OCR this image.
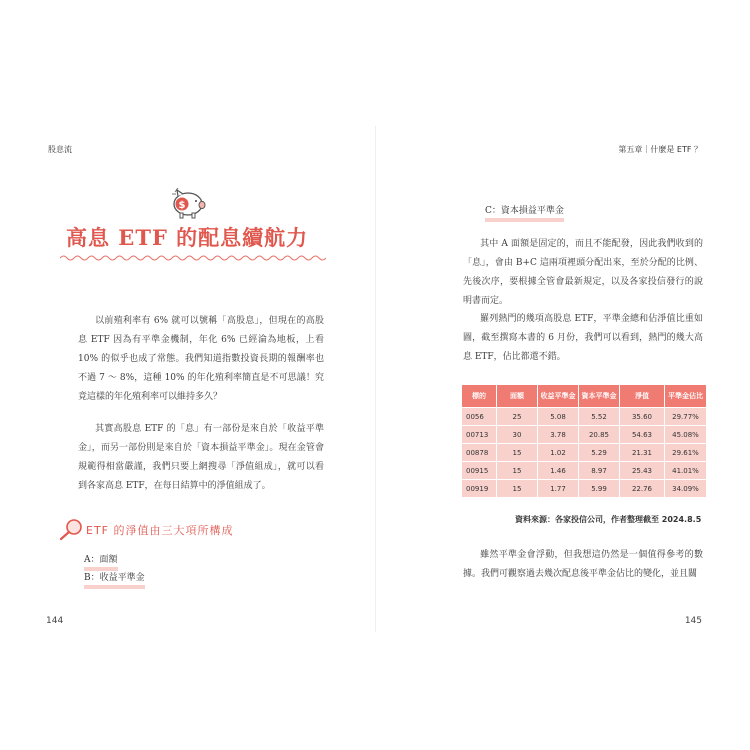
股息流
$
高息 ETF 的配息續航力

以前殖利率有 6% 就可以號稱「高股息」，但現在的高股息 ETF 因為有平準金機制，年化 6% 已經淪為地板，上看 10% 的似乎也成了常態。我們知道指數投資長期的報酬率也不過 7 ～ 8%，這種 10% 的年化殖利率簡直是不可思議！究竟這樣的年化殖利率可以維持多久？

其實高股息 ETF 的「息」有一部份是來自於「收益平準金」，而另一部份則是來自於「資本損益平準金」。現在金管會規範得相當嚴謹，我們只要上網搜尋「淨值組成」，就可以看到各家高息 ETF，在每日結算中的淨值組成了。

ETF 的淨值由三大項所構成
A：面額
B：收益平準金
144
第五章｜什麼是 ETF ？
C：資本損益平準金

其中 A 面額是固定的，而且不能配發，因此我們收到的「息」，會由 B+C 這兩項裡頭分配出來，至於分配的比例、先後次序，要根據全管會最新規定，以及各家投信發行的說明書而定。

羅列熱門的幾項高股息 ETF，平準金總和佔淨值比重如圖，截至撰寫本書的 6 月份，我們可以看到，熱門的幾大高息 ETF，佔比都還不錯。

標的	面額	收益平準金	資本平準金	淨值	平準金佔比
0056	25	5.08	5.52	35.60	29.77%
00713	30	3.78	20.85	54.63	45.08%
00878	15	1.02	5.29	21.31	29.61%
00915	15	1.46	8.97	25.43	41.01%
00919	15	1.77	5.99	22.76	34.09%
資料來源：各家投信公司，作者整理截至 2024.8.5

雖然平準金會浮動，但我想這仍然是一個值得參考的數據。我們可觀察過去幾次配息後平準金佔比的變化，並且關

145
